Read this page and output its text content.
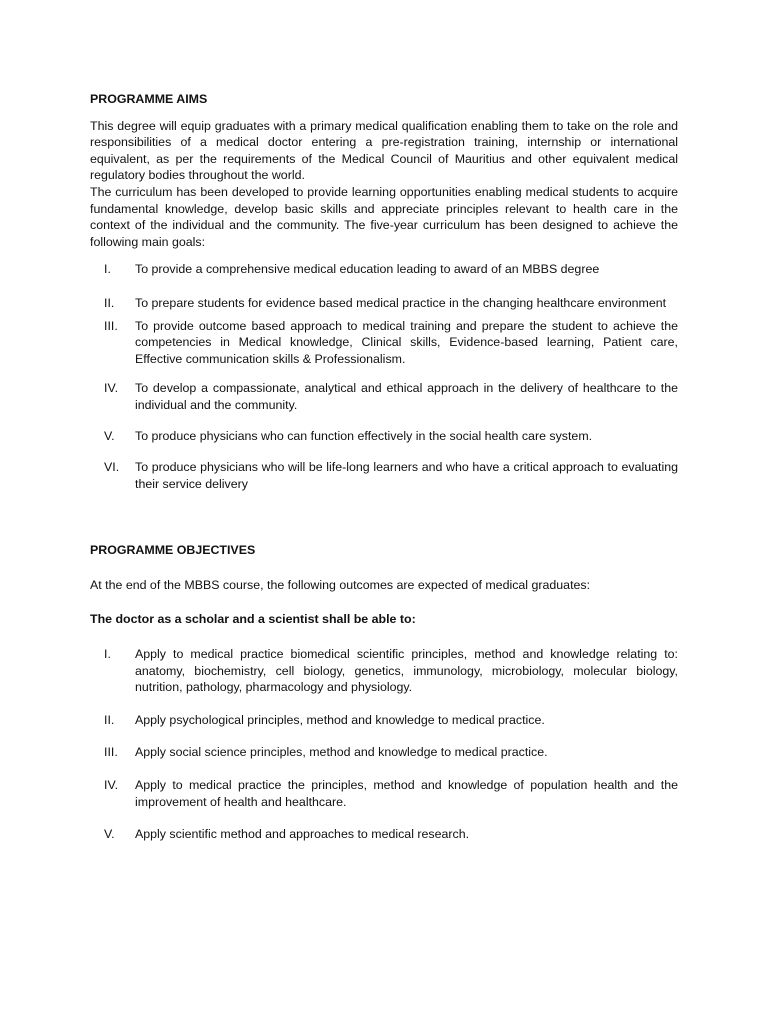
PROGRAMME AIMS

This degree will equip graduates with a primary medical qualification enabling them to take on the role and responsibilities of a medical doctor entering a pre-registration training, internship or international equivalent, as per the requirements of the Medical Council of Mauritius and other equivalent medical regulatory bodies throughout the world.

The curriculum has been developed to provide learning opportunities enabling medical students to acquire fundamental knowledge, develop basic skills and appreciate principles relevant to health care in the context of the individual and the community. The five-year curriculum has been designed to achieve the following main goals:

I.	To provide a comprehensive medical education leading to award of an MBBS degree
II.	To prepare students for evidence based medical practice in the changing healthcare environment
III.	To provide outcome based approach to medical training and prepare the student to achieve the competencies in Medical knowledge, Clinical skills, Evidence-based learning, Patient care, Effective communication skills & Professionalism.
IV.	To develop a compassionate, analytical and ethical approach in the delivery of healthcare to the individual and the community.
V.	To produce physicians who can function effectively in the social health care system.
VI.	To produce physicians who will be life-long learners and who have a critical approach to evaluating their service delivery
PROGRAMME OBJECTIVES

At the end of the MBBS course, the following outcomes are expected of medical graduates:

The doctor as a scholar and a scientist shall be able to:

I.	Apply to medical practice biomedical scientific principles, method and knowledge relating to: anatomy, biochemistry, cell biology, genetics, immunology, microbiology, molecular biology, nutrition, pathology, pharmacology and physiology.
II.	Apply psychological principles, method and knowledge to medical practice.
III.	Apply social science principles, method and knowledge to medical practice.
IV.	Apply to medical practice the principles, method and knowledge of population health and the improvement of health and healthcare.
V.	Apply scientific method and approaches to medical research.
